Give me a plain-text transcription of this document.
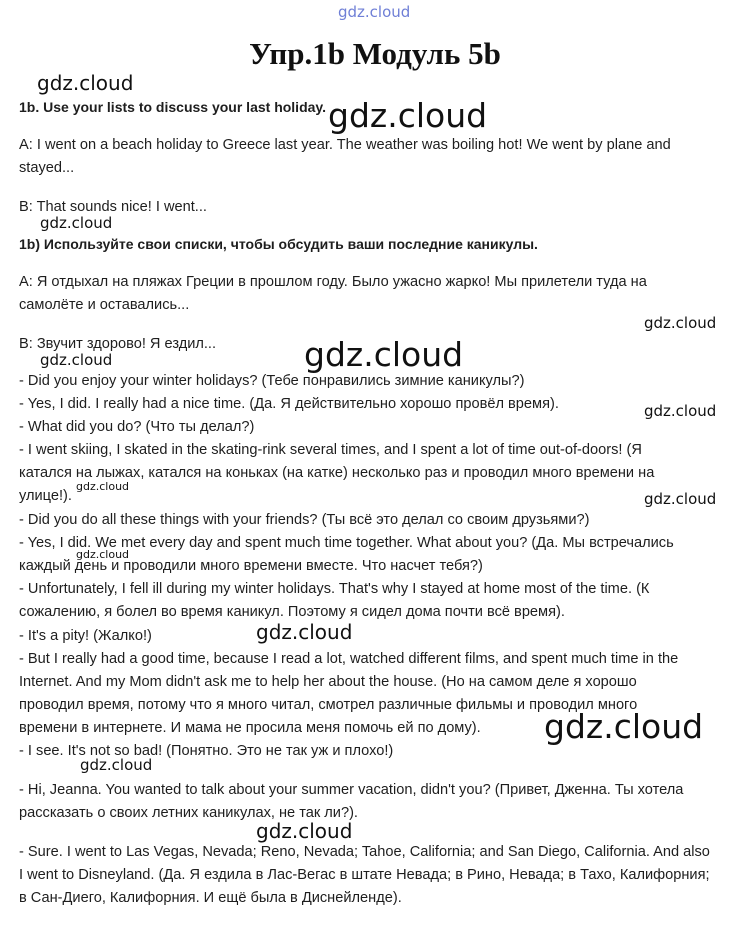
gdz.cloud
Упр.1b Модуль 5b
1b. Use your lists to discuss your last holiday.
A: I went on a beach holiday to Greece last year. The weather was boiling hot! We went by plane and
stayed...
B: That sounds nice! I went...
1b) Используйте свои списки, чтобы обсудить ваши последние каникулы.
A: Я отдыхал на пляжах Греции в прошлом году. Было ужасно жарко! Мы прилетели туда на
самолёте и оставались...
B: Звучит здорово! Я ездил...
- Did you enjoy your winter holidays? (Тебе понравились зимние каникулы?)
- Yes, I did. I really had a nice time. (Да. Я действительно хорошо провёл время).
- What did you do? (Что ты делал?)
- I went skiing, I skated in the skating-rink several times, and I spent a lot of time out-of-doors! (Я
катался на лыжах, катался на коньках (на катке) несколько раз и проводил много времени на
улице!).
- Did you do all these things with your friends? (Ты всё это делал со своим друзьями?)
- Yes, I did. We met every day and spent much time together. What about you? (Да. Мы встречались
каждый день и проводили много времени вместе. Что насчет тебя?)
- Unfortunately, I fell ill during my winter holidays. That's why I stayed at home most of the time. (К
сожалению, я болел во время каникул. Поэтому я сидел дома почти всё время).
- It's a pity! (Жалко!)
- But I really had a good time, because I read a lot, watched different films, and spent much time in the
Internet. And my Mom didn't ask me to help her about the house. (Но на самом деле я хорошо
проводил время, потому что я много читал, смотрел различные фильмы и проводил много
времени в интернете. И мама не просила меня помочь ей по дому).
- I see. It's not so bad! (Понятно. Это не так уж и плохо!)
- Hi, Jeanna. You wanted to talk about your summer vacation, didn't you? (Привет, Дженна. Ты хотела
рассказать о своих летних каникулах, не так ли?).
- Sure. I went to Las Vegas, Nevada; Reno, Nevada; Tahoe, California; and San Diego, California. And also
I went to Disneyland. (Да. Я ездила в Лас-Вегас в штате Невада; в Рино, Невада; в Тахо, Калифорния;
в Сан-Диего, Калифорния. И ещё была в Диснейленде).
gdz.cloud
gdz.cloud
gdz.cloud
gdz.cloud
gdz.cloud
gdz.cloud
gdz.cloud
gdz.cloud
gdz.cloud
gdz.cloud
gdz.cloud
gdz.cloud
gdz.cloud
gdz.cloud
